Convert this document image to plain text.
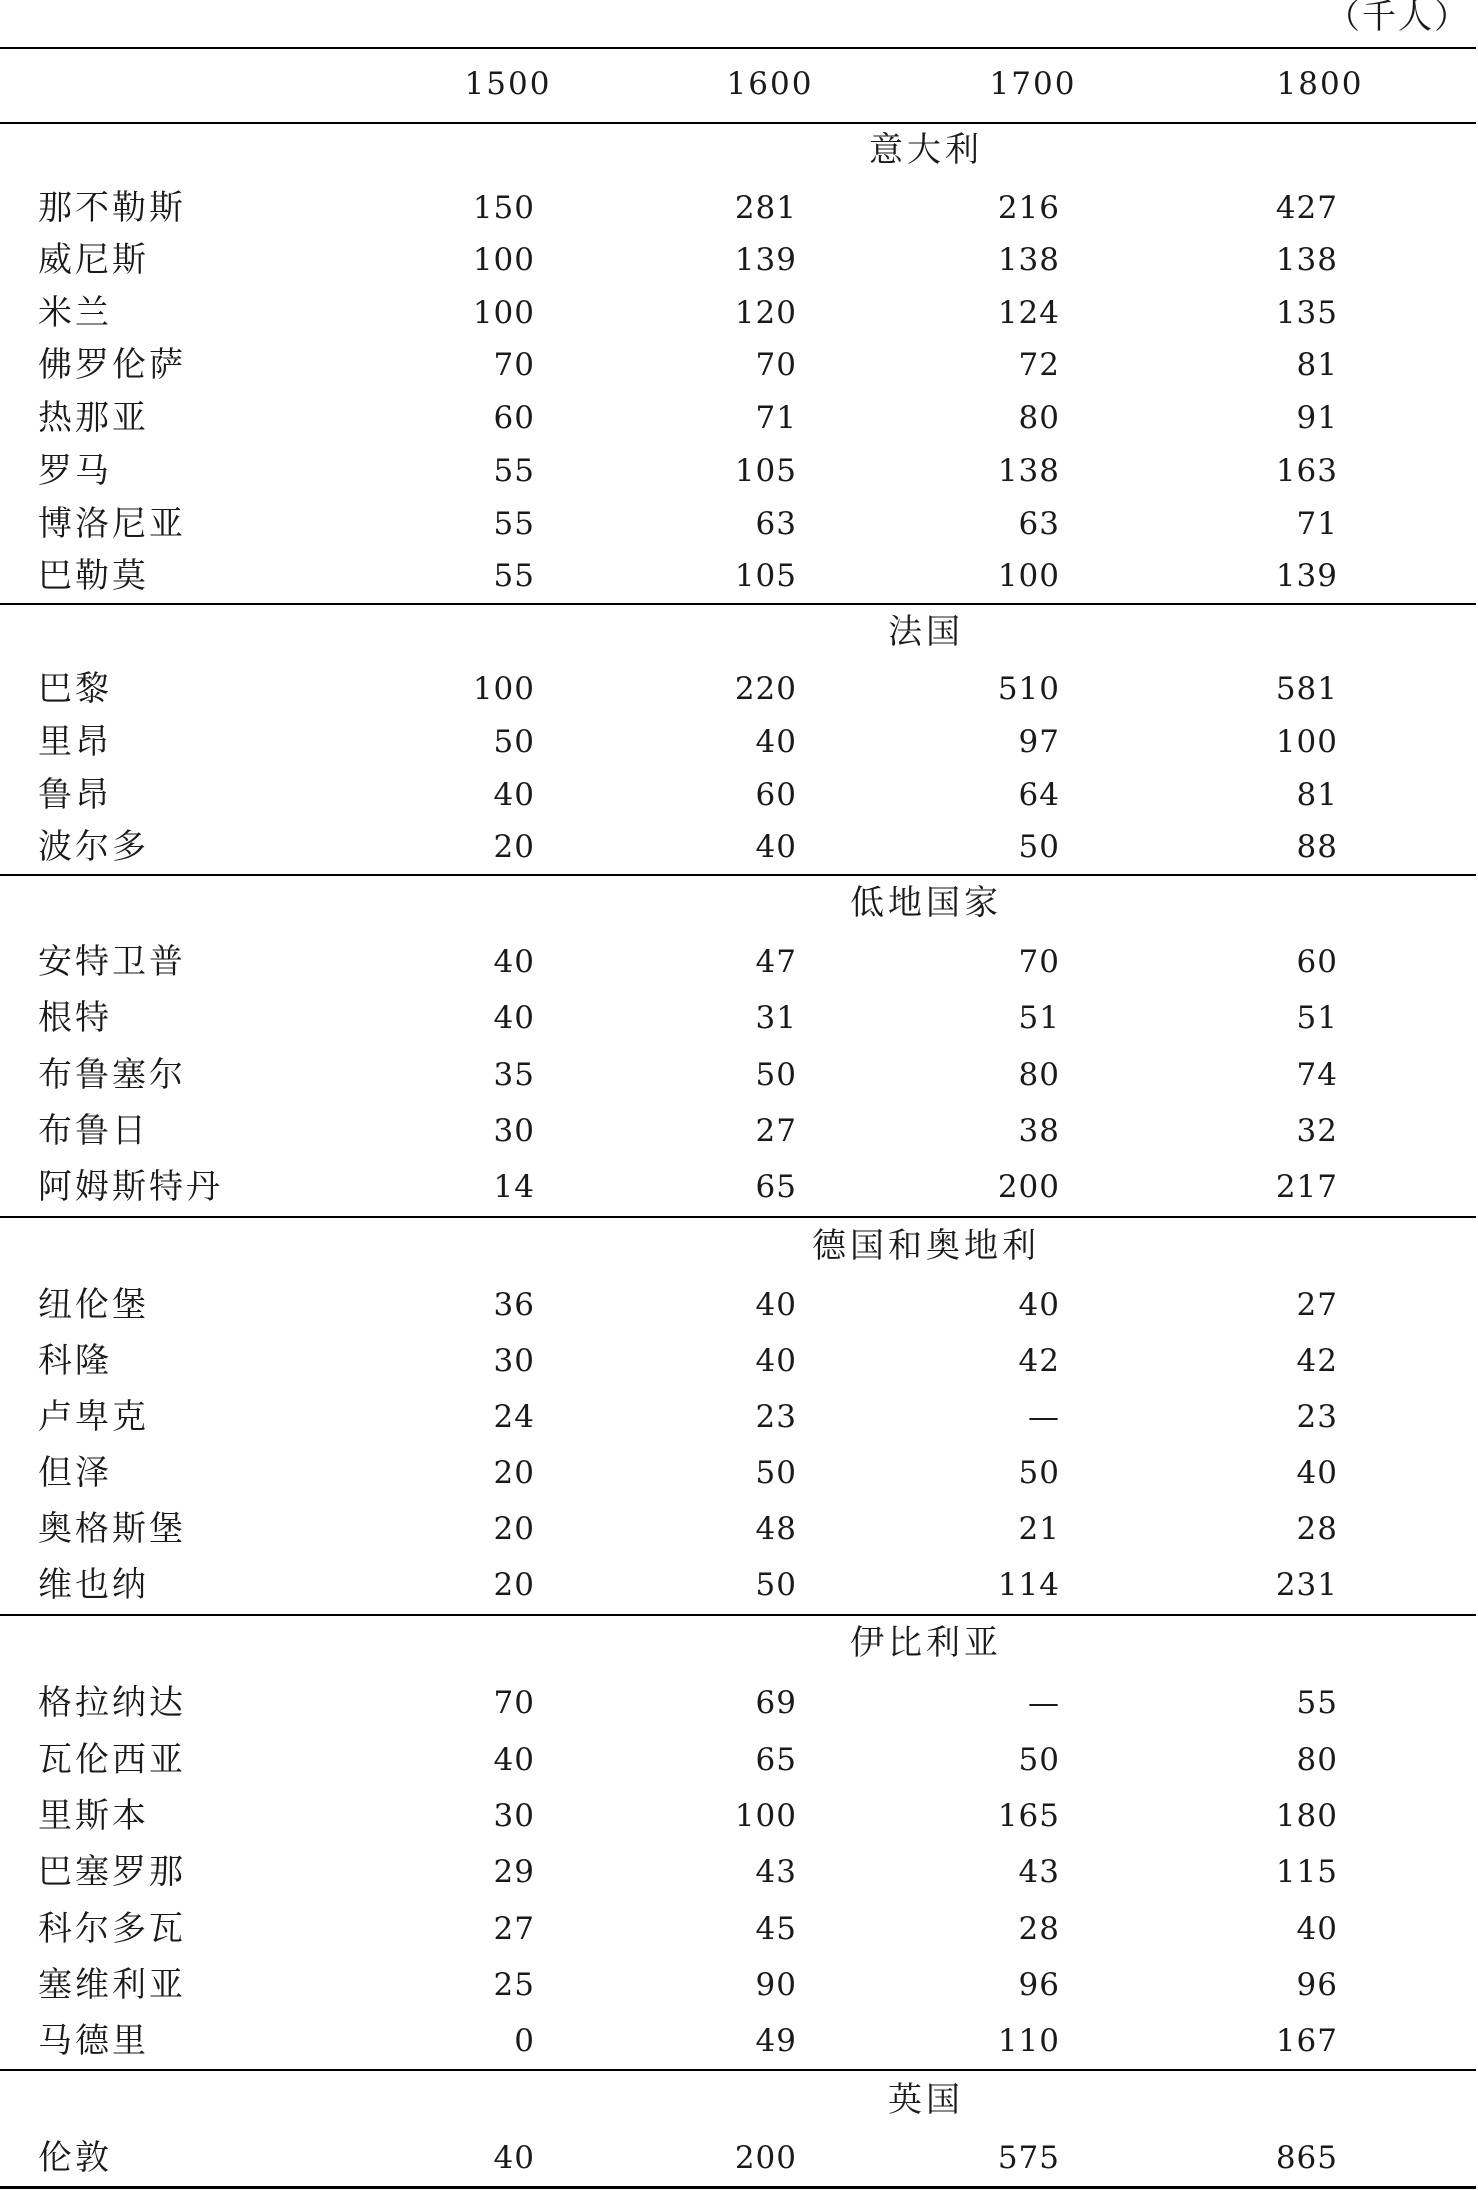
（千人）
1500	1600	1700	1800
意大利
那不勒斯	150	281	216	427
威尼斯	100	139	138	138
米兰	100	120	124	135
佛罗伦萨	70	70	72	81
热那亚	60	71	80	91
罗马	55	105	138	163
博洛尼亚	55	63	63	71
巴勒莫	55	105	100	139
法国
巴黎	100	220	510	581
里昂	50	40	97	100
鲁昂	40	60	64	81
波尔多	20	40	50	88
低地国家
安特卫普	40	47	70	60
根特	40	31	51	51
布鲁塞尔	35	50	80	74
布鲁日	30	27	38	32
阿姆斯特丹	14	65	200	217
德国和奥地利
纽伦堡	36	40	40	27
科隆	30	40	42	42
卢卑克	24	23	—	23
但泽	20	50	50	40
奥格斯堡	20	48	21	28
维也纳	20	50	114	231
伊比利亚
格拉纳达	70	69	—	55
瓦伦西亚	40	65	50	80
里斯本	30	100	165	180
巴塞罗那	29	43	43	115
科尔多瓦	27	45	28	40
塞维利亚	25	90	96	96
马德里	0	49	110	167
英国
伦敦	40	200	575	865
